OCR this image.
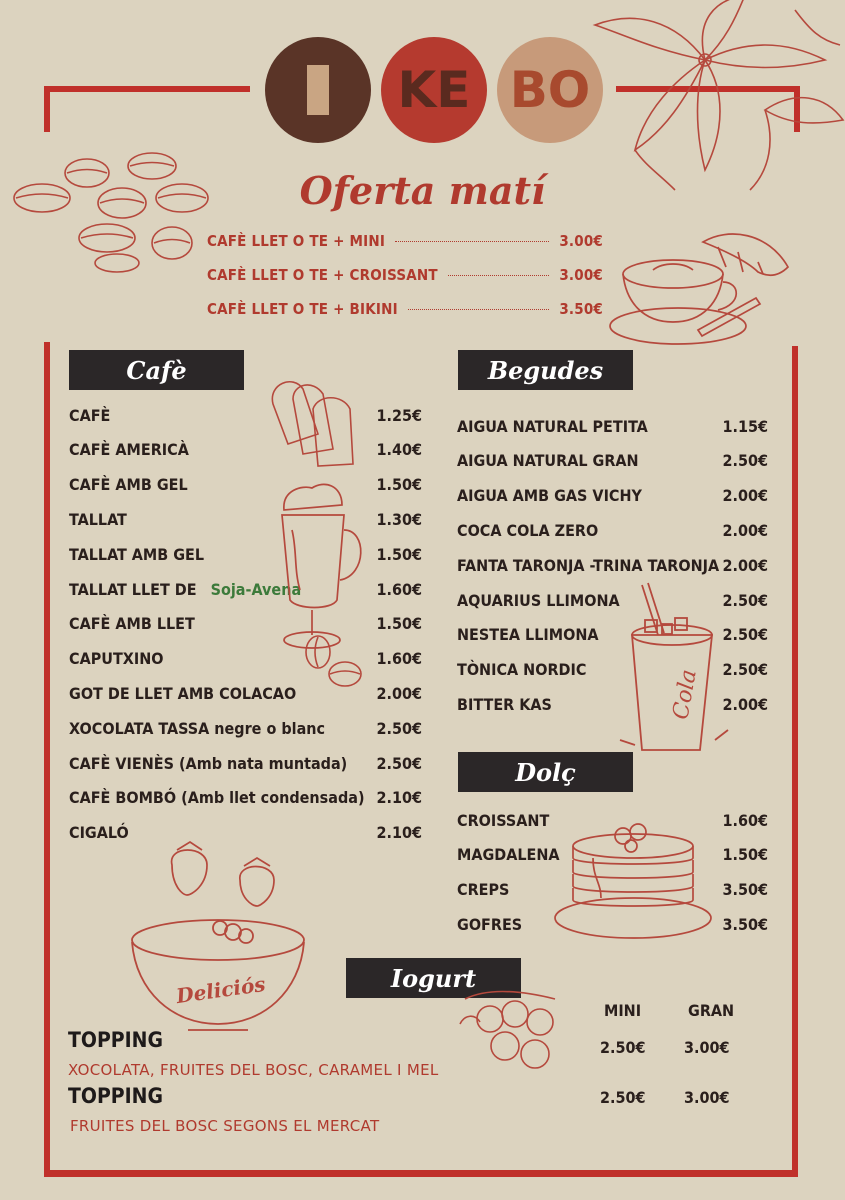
KE BO
Oferta matí
CAFÈ LLET O TE + MINI	3.00€
CAFÈ LLET O TE + CROISSANT	3.00€
CAFÈ LLET O TE + BIKINI	3.50€
Cafè
CAFÈ	1.25€
CAFÈ AMERICÀ	1.40€
CAFÈ AMB GEL	1.50€
TALLAT	1.30€
TALLAT AMB GEL	1.50€
TALLAT LLET DE Soja-Avena	1.60€
CAFÈ AMB LLET	1.50€
CAPUTXINO	1.60€
GOT DE LLET AMB COLACAO	2.00€
XOCOLATA TASSA negre o blanc	2.50€
CAFÈ VIENÈS (Amb nata muntada) 2.50€
CAFÈ BOMBÓ (Amb llet condensada) 2.10€
CIGALÓ	2.10€
Deliciós
Begudes
AIGUA NATURAL PETITA	1.15€
AIGUA NATURAL GRAN	2.50€
AIGUA AMB GAS VICHY	2.00€
COCA COLA ZERO	2.00€
FANTA TARONJA -TRINA TARONJA 2.00€
AQUARIUS LLIMONA	2.50€
NESTEA LLIMONA	2.50€
TÒNICA NORDIC	2.50€
BITTER KAS	2.00€
Cola
Dolç
CROISSANT	1.60€
MAGDALENA	1.50€
CREPS	3.50€
GOFRES	3.50€
Iogurt
MINI	GRAN
TOPPING
XOCOLATA, FRUITES DEL BOSC, CARAMEL I MEL
2.50€ 3.00€
TOPPING
FRUITES DEL BOSC SEGONS EL MERCAT
2.50€ 3.00€
